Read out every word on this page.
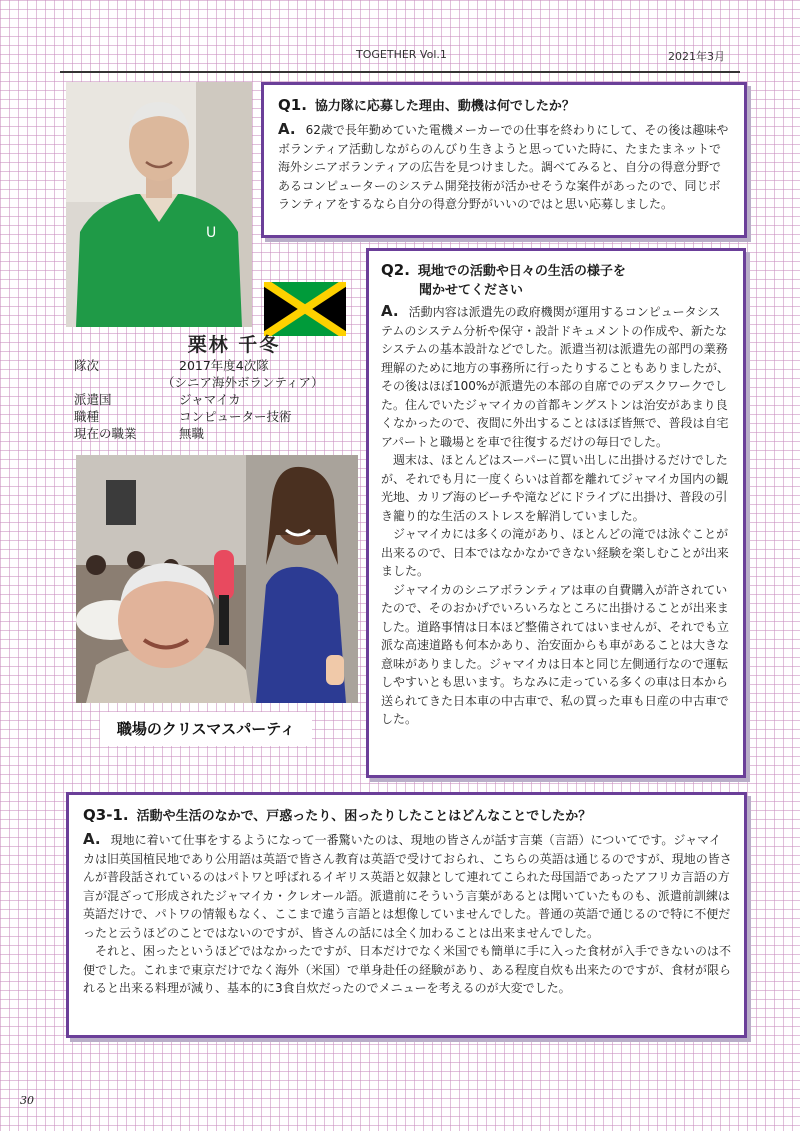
TOGETHER Vol.1	2021年3月
U
栗林 千冬
隊次	2017年度4次隊
（シニア海外ボランティア）
派遣国	ジャマイカ
職種	コンピューター技術
現在の職業	無職
職場のクリスマスパーティ
Q1. 協力隊に応募した理由、動機は何でしたか？

A. 62歳で長年勤めていた電機メーカーでの仕事を終わりにして、その後は趣味やボランティア活動しながらのんびり生きようと思っていた時に、たまたまネットで海外シニアボランティアの広告を見つけました。調べてみると、自分の得意分野であるコンピューターのシステム開発技術が活かせそうな案件があったので、同じボランティアをするなら自分の得意分野がいいのではと思い応募しました。

Q2. 現地での活動や日々の生活の様子を
聞かせてください

A. 活動内容は派遣先の政府機関が運用するコンピュータシステムのシステム分析や保守・設計ドキュメントの作成や、新たなシステムの基本設計などでした。派遣当初は派遣先の部門の業務理解のために地方の事務所に行ったりすることもありましたが、その後はほぼ100%が派遣先の本部の自席でのデスクワークでした。住んでいたジャマイカの首都キングストンは治安があまり良くなかったので、夜間に外出することはほぼ皆無で、普段は自宅アパートと職場とを車で往復するだけの毎日でした。

週末は、ほとんどはスーパーに買い出しに出掛けるだけでしたが、それでも月に一度くらいは首都を離れてジャマイカ国内の観光地、カリブ海のビーチや滝などにドライブに出掛け、普段の引き籠り的な生活のストレスを解消していました。

ジャマイカには多くの滝があり、ほとんどの滝では泳ぐことが出来るので、日本ではなかなかできない経験を楽しむことが出来ました。

ジャマイカのシニアボランティアは車の自費購入が許されていたので、そのおかげでいろいろなところに出掛けることが出来ました。道路事情は日本ほど整備されてはいませんが、それでも立派な高速道路も何本かあり、治安面からも車があることは大きな意味がありました。ジャマイカは日本と同じ左側通行なので運転しやすいとも思います。ちなみに走っている多くの車は日本から送られてきた日本車の中古車で、私の買った車も日産の中古車でした。

Q3-1. 活動や生活のなかで、戸惑ったり、困ったりしたことはどんなことでしたか？

A. 現地に着いて仕事をするようになって一番驚いたのは、現地の皆さんが話す言葉（言語）についてです。ジャマイカは旧英国植民地であり公用語は英語で皆さん教育は英語で受けておられ、こちらの英語は通じるのですが、現地の皆さんが普段話されているのはパトワと呼ばれるイギリス英語と奴隷として連れてこられた母国語であったアフリカ言語の方言が混ざって形成されたジャマイカ・クレオール語。派遣前にそういう言葉があるとは聞いていたものも、派遣前訓練は英語だけで、パトワの情報もなく、ここまで違う言語とは想像していませんでした。普通の英語で通じるので特に不便だったと云うほどのことではないのですが、皆さんの話には全く加わることは出来ませんでした。

それと、困ったというほどではなかったですが、日本だけでなく米国でも簡単に手に入った食材が入手できないのは不便でした。これまで東京だけでなく海外（米国）で単身赴任の経験があり、ある程度自炊も出来たのですが、食材が限られると出来る料理が減り、基本的に3食自炊だったのでメニューを考えるのが大変でした。

30
